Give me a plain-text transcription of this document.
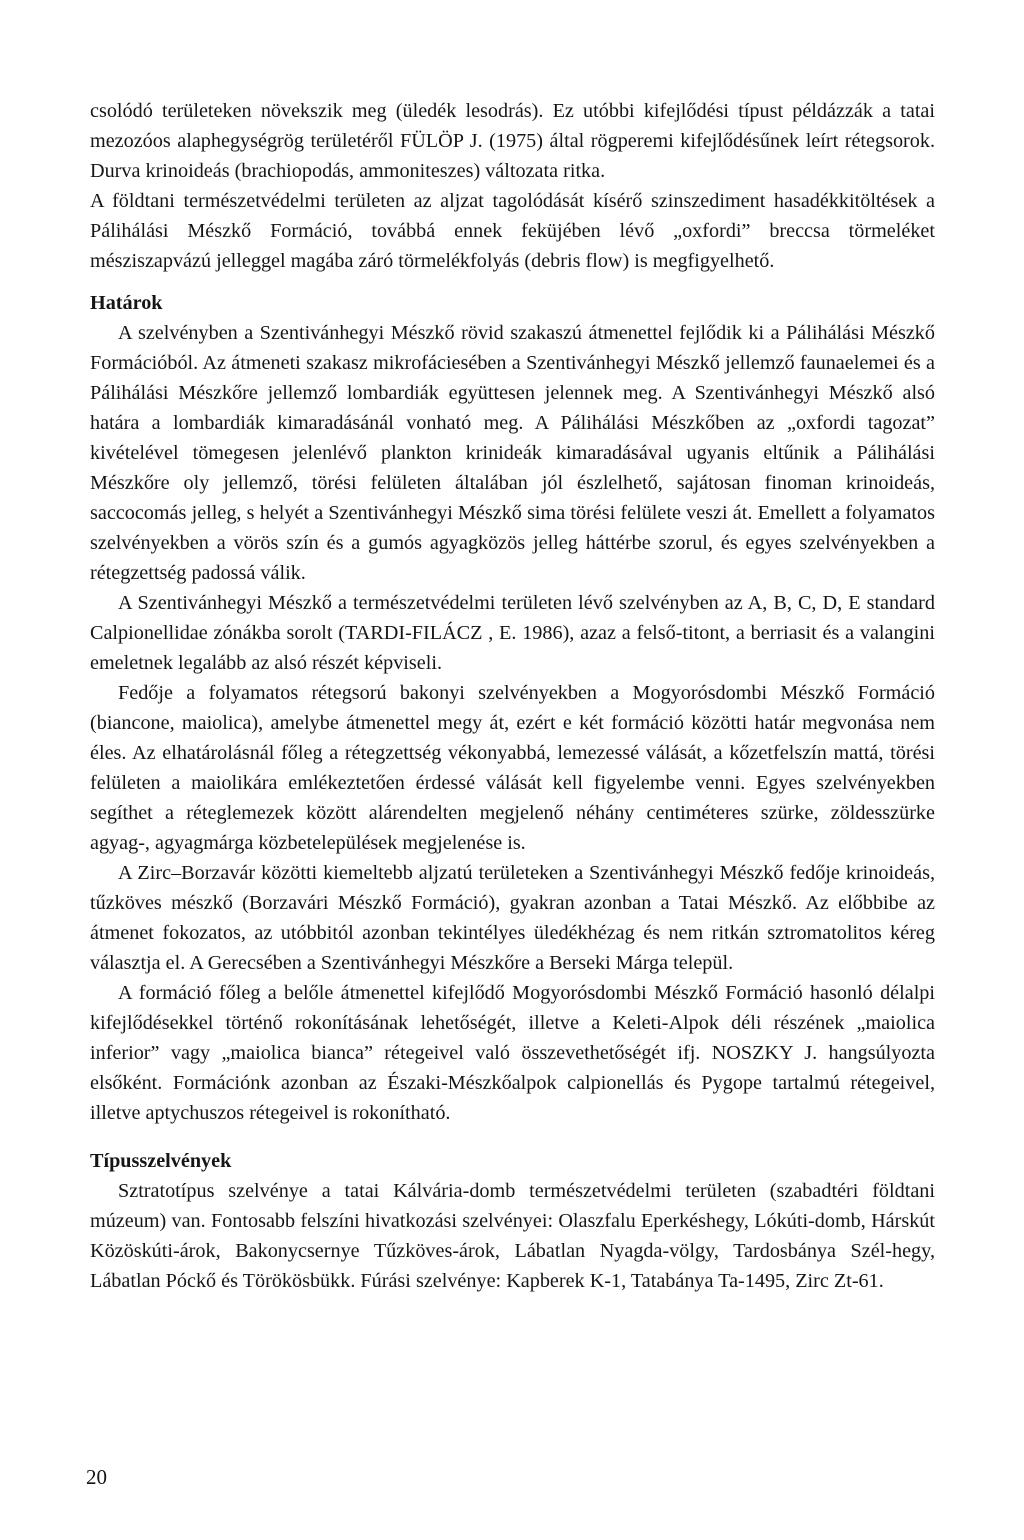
csolódó területeken növekszik meg (üledék lesodrás). Ez utóbbi kifejlődési típust példázzák a tatai mezozóos alaphegységrög területéről FÜLÖP J. (1975) által rögperemi kifejlődésűnek leírt rétegsorok. Durva krinoideás (brachiopodás, ammoniteszes) változata ritka.

A földtani természetvédelmi területen az aljzat tagolódását kísérő szinszediment hasadékkitöltések a Pálihálási Mészkő Formáció, továbbá ennek feküjében lévő „oxfordi” breccsa törmeléket mésziszapvázú jelleggel magába záró törmelékfolyás (debris flow) is megfigyelhető.

Határok

A szelvényben a Szentivánhegyi Mészkő rövid szakaszú átmenettel fejlődik ki a Pálihálási Mészkő Formációból. Az átmeneti szakasz mikrofáciesében a Szentivánhegyi Mészkő jellemző faunaelemei és a Pálihálási Mészkőre jellemző lombardiák együttesen jelennek meg. A Szentivánhegyi Mészkő alsó határa a lombardiák kimaradásánál vonható meg. A Pálihálási Mészkőben az „oxfordi tagozat” kivételével tömegesen jelenlévő plankton krinideák kimaradásával ugyanis eltűnik a Pálihálási Mészkőre oly jellemző, törési felületen általában jól észlelhető, sajátosan finoman krinoideás, saccocomás jelleg, s helyét a Szentivánhegyi Mészkő sima törési felülete veszi át. Emellett a folyamatos szelvényekben a vörös szín és a gumós agyagközös jelleg háttérbe szorul, és egyes szelvényekben a rétegzettség padossá válik.

A Szentivánhegyi Mészkő a természetvédelmi területen lévő szelvényben az A, B, C, D, E standard Calpionellidae zónákba sorolt (TARDI-FILÁCZ , E. 1986), azaz a felső-titont, a berriasit és a valangini emeletnek legalább az alsó részét képviseli.

Fedője a folyamatos rétegsorú bakonyi szelvényekben a Mogyorósdombi Mészkő Formáció (biancone, maiolica), amelybe átmenettel megy át, ezért e két formáció közötti határ megvonása nem éles. Az elhatárolásnál főleg a rétegzettség vékonyabbá, lemezessé válását, a kőzetfelszín mattá, törési felületen a maiolikára emlékeztetően érdessé válását kell figyelembe venni. Egyes szelvényekben segíthet a réteglemezek között alárendelten megjelenő néhány centiméteres szürke, zöldesszürke agyag-, agyagmárga közbetelepülések megjelenése is.

A Zirc–Borzavár közötti kiemeltebb aljzatú területeken a Szentivánhegyi Mészkő fedője krinoideás, tűzköves mészkő (Borzavári Mészkő Formáció), gyakran azonban a Tatai Mészkő. Az előbbibe az átmenet fokozatos, az utóbbitól azonban tekintélyes üledékhézag és nem ritkán sztromatolitos kéreg választja el. A Gerecsében a Szentivánhegyi Mészkőre a Berseki Márga települ.

A formáció főleg a belőle átmenettel kifejlődő Mogyorósdombi Mészkő Formáció hasonló délalpi kifejlődésekkel történő rokonításának lehetőségét, illetve a Keleti-Alpok déli részének „maiolica inferior” vagy „maiolica bianca” rétegeivel való összevethetőségét ifj. NOSZKY J. hangsúlyozta elsőként. Formációnk azonban az Északi-Mészkőalpok calpionellás és Pygope tartalmú rétegeivel, illetve aptychuszos rétegeivel is rokonítható.

Típusszelvények

Sztratotípus szelvénye a tatai Kálvária-domb természetvédelmi területen (szabadtéri földtani múzeum) van. Fontosabb felszíni hivatkozási szelvényei: Olaszfalu Eperkéshegy, Lókúti-domb, Hárskút Közöskúti-árok, Bakonycsernye Tűzköves-árok, Lábatlan Nyagda-völgy, Tardosbánya Szél-hegy, Lábatlan Póckő és Törökösbükk. Fúrási szelvénye: Kapberek K-1, Tatabánya Ta-1495, Zirc Zt-61.

20
